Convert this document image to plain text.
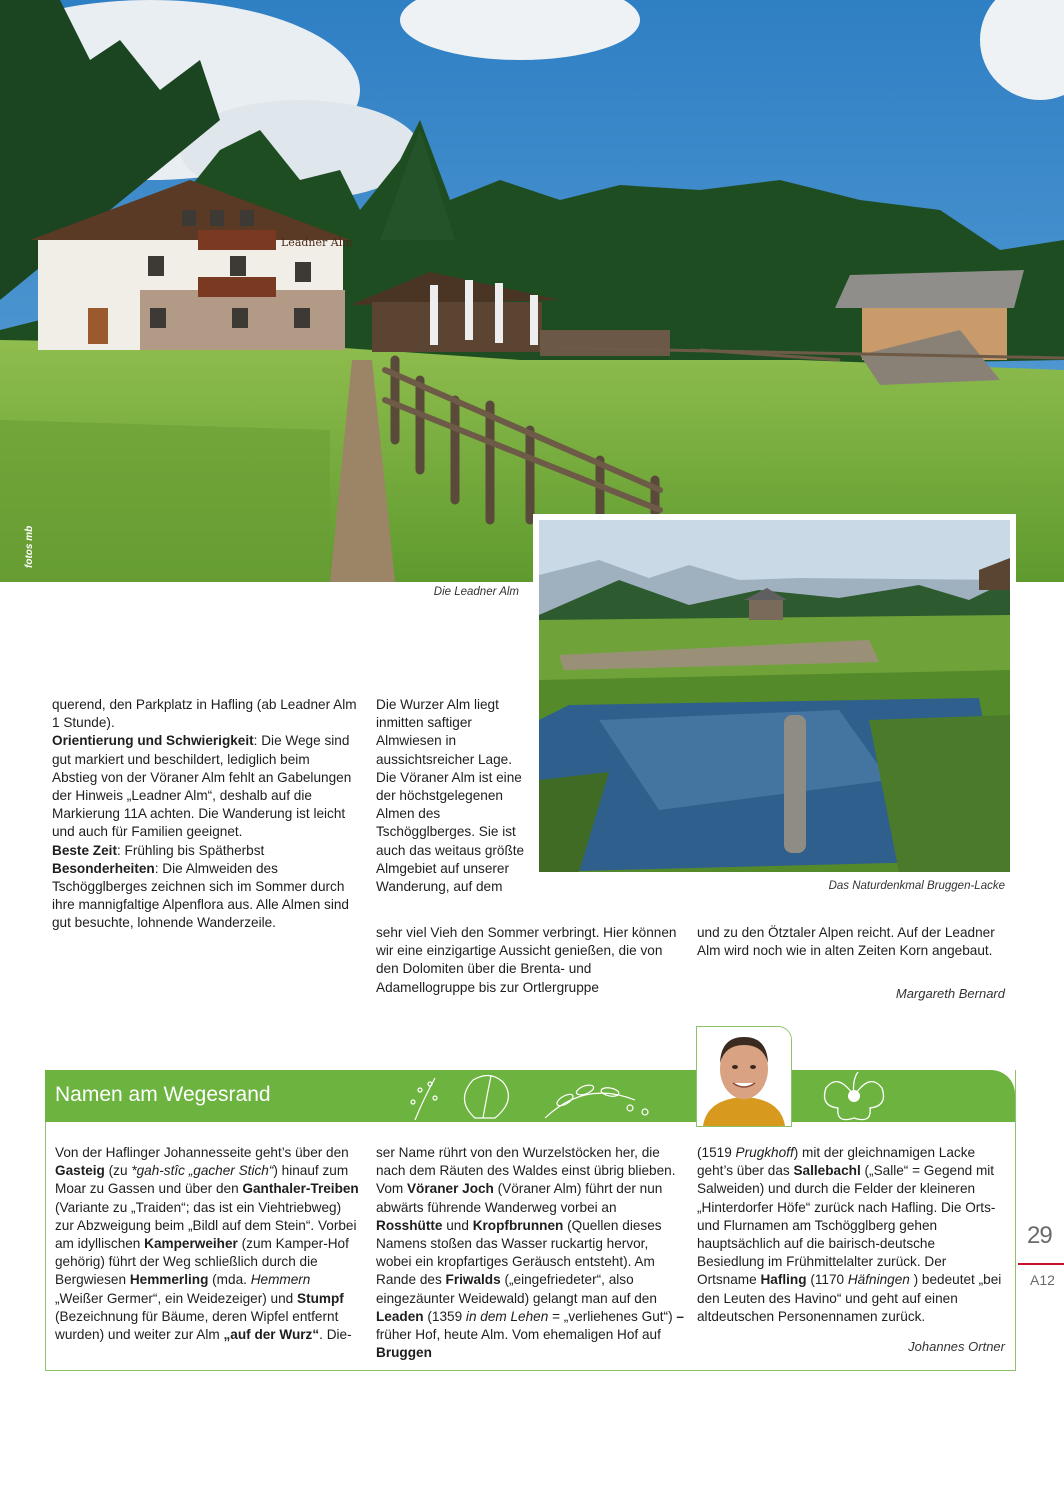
Leadner Alm
fotos mb
Die Leadner Alm
Das Naturdenkmal Bruggen-Lacke

querend, den Parkplatz in Hafling (ab Leadner Alm 1 Stunde).

Orientierung und Schwierigkeit: Die Wege sind gut markiert und beschildert, lediglich beim Abstieg von der Vöraner Alm fehlt an Gabelungen der Hinweis „Leadner Alm“, deshalb auf die Markierung 11A achten. Die Wanderung ist leicht und auch für Familien geeignet.

Beste Zeit: Frühling bis Spätherbst

Besonderheiten: Die Almweiden des Tschögglberges zeichnen sich im Sommer durch ihre mannigfaltige Alpenflora aus. Alle Almen sind gut besuchte, lohnende Wanderzeile.

Die Wurzer Alm liegt inmitten saftiger Almwiesen in aussichtsreicher Lage. Die Vöraner Alm ist eine der höchstgelegenen Almen des Tschögglberges. Sie ist auch das weitaus größte Almgebiet auf unserer Wanderung, auf dem
sehr viel Vieh den Sommer verbringt. Hier können wir eine einzigartige Aussicht genießen, die von den Dolomiten über die Brenta- und Adamellogruppe bis zur Ortlergruppe
und zu den Ötztaler Alpen reicht. Auf der Leadner Alm wird noch wie in alten Zeiten Korn angebaut.
Margareth Bernard
Namen am Wegesrand
Von der Haflinger Johannesseite geht’s über den Gasteig (zu *gah-stîc „gacher Stich“) hinauf zum Moar zu Gassen und über den Ganthaler-Treiben (Variante zu „Traiden“; das ist ein Viehtriebweg) zur Abzweigung beim „Bildl auf dem Stein“. Vorbei am idyllischen Kamperweiher (zum Kamper-Hof gehörig) führt der Weg schließlich durch die Bergwiesen Hemmerling (mda. Hemmern „Weißer Germer“, ein Weidezeiger) und Stumpf (Bezeichnung für Bäume, deren Wipfel entfernt wurden) und weiter zur Alm „auf der Wurz“. Die-
ser Name rührt von den Wurzelstöcken her, die nach dem Räuten des Waldes einst übrig blieben. Vom Vöraner Joch (Vöraner Alm) führt der nun abwärts führende Wanderweg vorbei an Rosshütte und Kropfbrunnen (Quellen dieses Namens stoßen das Wasser ruckartig hervor, wobei ein kropfartiges Geräusch entsteht). Am Rande des Friwalds („eingefriedeter“, also eingezäunter Weidewald) gelangt man auf den Leaden (1359 in dem Lehen = „verliehenes Gut“) – früher Hof, heute Alm. Vom ehemaligen Hof auf Bruggen
(1519 Prugkhoff) mit der gleichnamigen Lacke geht’s über das Sallebachl („Salle“ = Gegend mit Salweiden) und durch die Felder der kleineren „Hinterdorfer Höfe“ zurück nach Hafling. Die Orts- und Flurnamen am Tschögglberg gehen hauptsächlich auf die bairisch-deutsche Besiedlung im Frühmittelalter zurück. Der Ortsname Hafling (1170 Häfningen ) bedeutet „bei den Leuten des Havino“ und geht auf einen altdeutschen Personennamen zurück.
Johannes Ortner
29
A12
